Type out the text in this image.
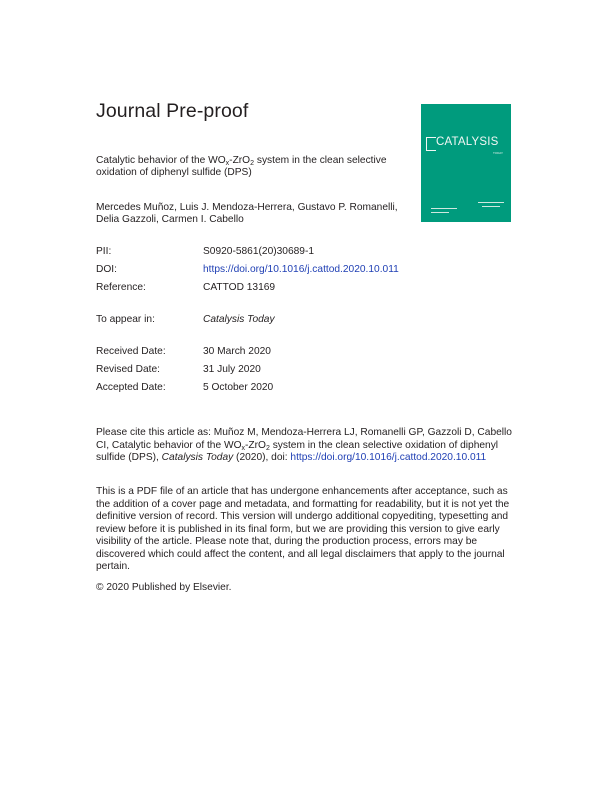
Journal Pre-proof
Catalytic behavior of the $WO_x-ZrO_2$ system in the clean selective oxidation of diphenyl sulfide (DPS)
Mercedes Muñoz, Luis J. Mendoza-Herrera, Gustavo P. Romanelli, Delia Gazzoli, Carmen I. Cabello
CATALYSIS
TODAY
PII:	S0920-5861(20)30689-1
DOI:	https://doi.org/10.1016/j.cattod.2020.10.011
Reference:	CATTOD 13169
To appear in:	Catalysis Today
Received Date:	30 March 2020
Revised Date:	31 July 2020
Accepted Date:	5 October 2020
Please cite this article as: Muñoz M, Mendoza-Herrera LJ, Romanelli GP, Gazzoli D, Cabello CI, Catalytic behavior of the $WO_x-ZrO_2$ system in the clean selective oxidation of diphenyl sulfide (DPS), Catalysis Today (2020), doi: https://doi.org/10.1016/j.cattod.2020.10.011
This is a PDF file of an article that has undergone enhancements after acceptance, such as the addition of a cover page and metadata, and formatting for readability, but it is not yet the definitive version of record. This version will undergo additional copyediting, typesetting and review before it is published in its final form, but we are providing this version to give early visibility of the article. Please note that, during the production process, errors may be discovered which could affect the content, and all legal disclaimers that apply to the journal pertain.
© 2020 Published by Elsevier.
